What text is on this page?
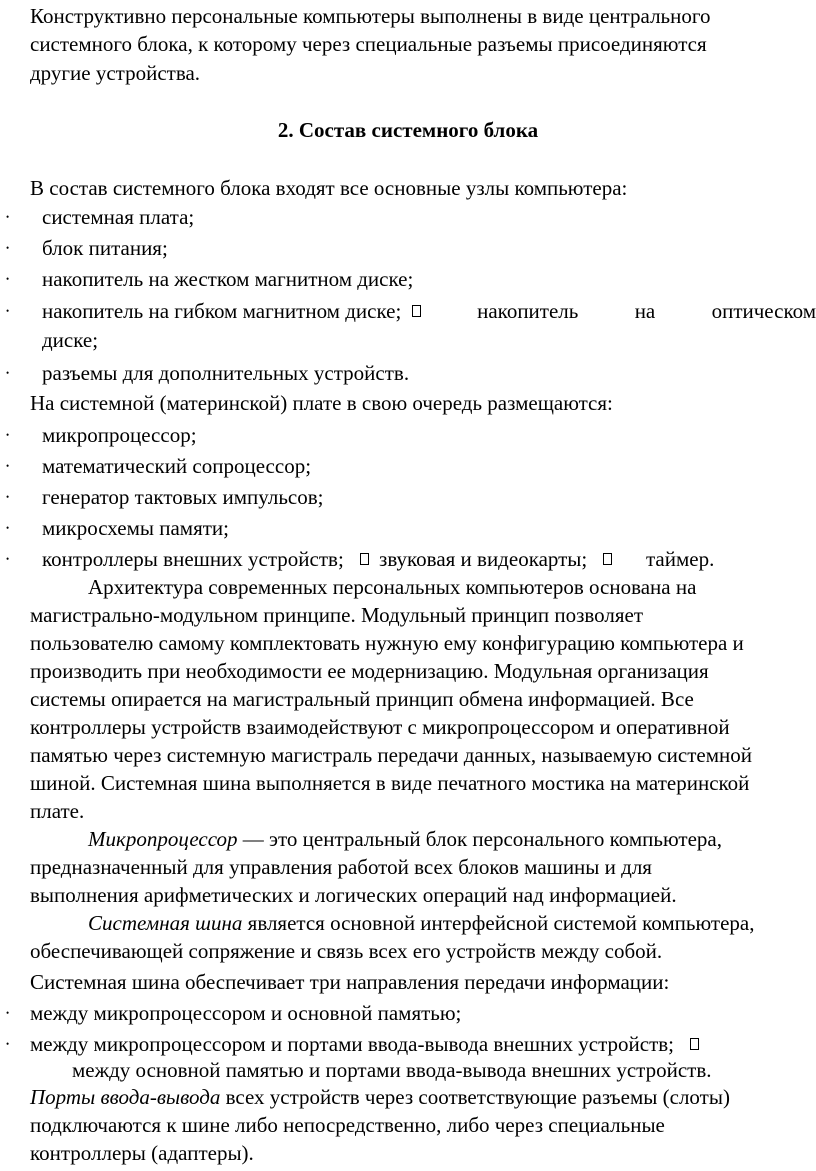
Конструктивно персональные компьютеры выполнены в виде центрального
системного блока, к которому через специальные разъемы присоединяются
другие устройства.
2. Состав системного блока
В состав системного блока входят все основные узлы компьютера:
• системная плата;
• блок питания;
• накопитель на жестком магнитном диске;
• накопитель на гибком магнитном диске;	накопитель	на	оптическом
диске;
• разъемы для дополнительных устройств.
На системной (материнской) плате в свою очередь размещаются:
• микропроцессор;
• математический сопроцессор;
• генератор тактовых импульсов;
• микросхемы памяти;
• контроллеры внешних устройств; звуковая и видеокарты;	таймер.
Архитектура современных персональных компьютеров основана на
магистрально-модульном принципе. Модульный принцип позволяет
пользователю самому комплектовать нужную ему конфигурацию компьютера и
производить при необходимости ее модернизацию. Модульная организация
системы опирается на магистральный принцип обмена информацией. Все
контроллеры устройств взаимодействуют с микропроцессором и оперативной
памятью через системную магистраль передачи данных, называемую системной
шиной. Системная шина выполняется в виде печатного мостика на материнской
плате.
Микропроцессор — это центральный блок персонального компьютера,
предназначенный для управления работой всех блоков машины и для
выполнения арифметических и логических операций над информацией.
Системная шина является основной интерфейсной системой компьютера,
обеспечивающей сопряжение и связь всех его устройств между собой.
Системная шина обеспечивает три направления передачи информации:
• между микропроцессором и основной памятью;
• между микропроцессором и портами ввода-вывода внешних устройств;
между основной памятью и портами ввода-вывода внешних устройств.
Порты ввода-вывода всех устройств через соответствующие разъемы (слоты)
подключаются к шине либо непосредственно, либо через специальные
контроллеры (адаптеры).
